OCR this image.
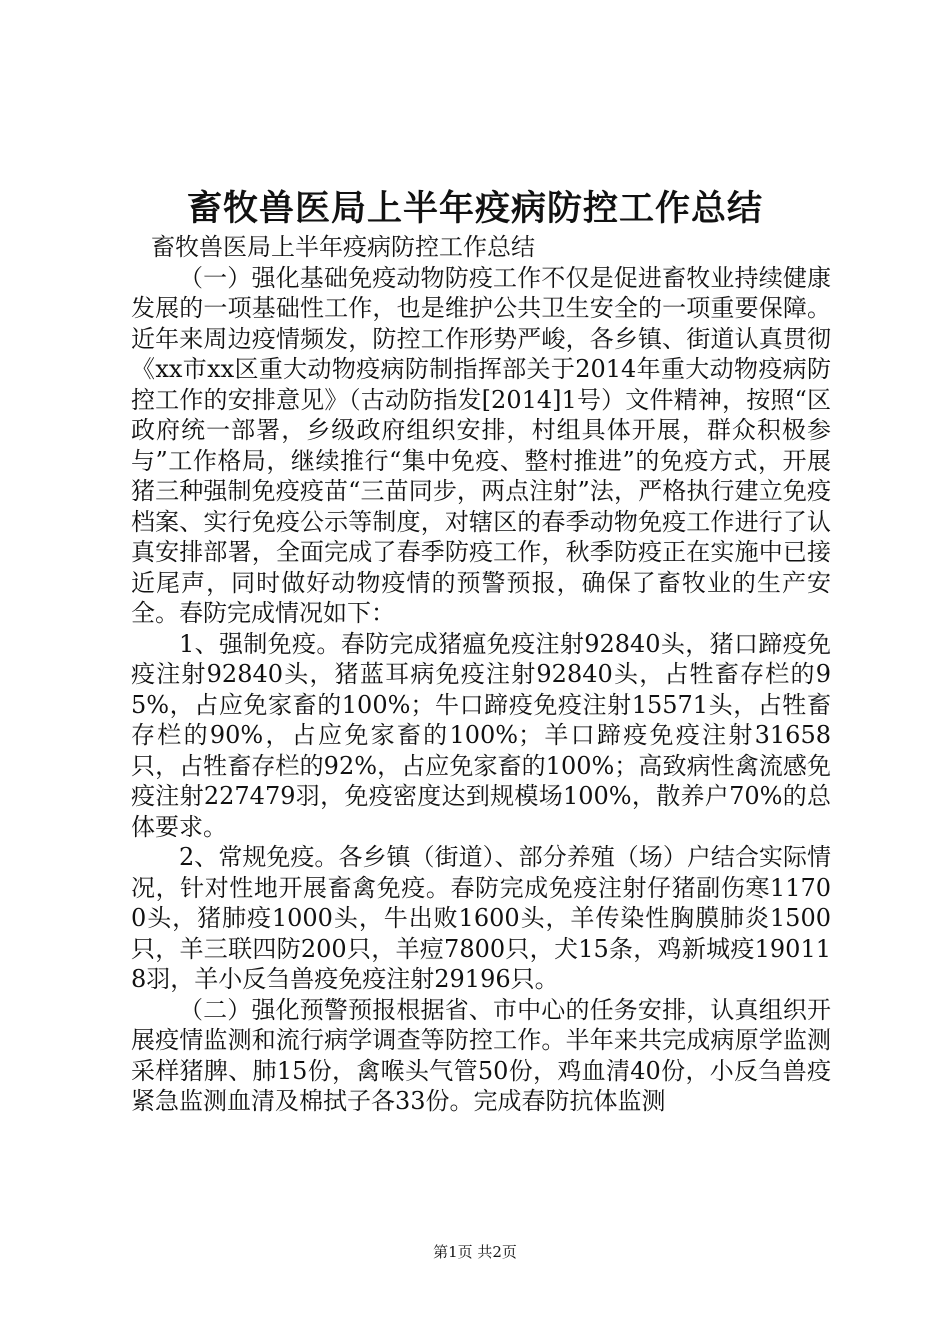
畜牧兽医局上半年疫病防控工作总结

畜牧兽医局上半年疫病防控工作总结

（一）强化基础免疫动物防疫工作不仅是促进畜牧业持续健康发展的一项基础性工作，也是维护公共卫生安全的一项重要保障。近年来周边疫情频发，防控工作形势严峻，各乡镇、街道认真贯彻《xx市xx区重大动物疫病防制指挥部关于2014年重大动物疫病防控工作的安排意见》（古动防指发[2014]1号）文件精神，按照“区政府统一部署，乡级政府组织安排，村组具体开展，群众积极参与”工作格局，继续推行“集中免疫、整村推进”的免疫方式，开展猪三种强制免疫疫苗“三苗同步，两点注射”法，严格执行建立免疫档案、实行免疫公示等制度，对辖区的春季动物免疫工作进行了认真安排部署，全面完成了春季防疫工作，秋季防疫正在实施中已接近尾声，同时做好动物疫情的预警预报，确保了畜牧业的生产安全。春防完成情况如下：

1、强制免疫。春防完成猪瘟免疫注射92840头，猪口蹄疫免疫注射92840头，猪蓝耳病免疫注射92840头，占牲畜存栏的95%，占应免家畜的100%；牛口蹄疫免疫注射15571头，占牲畜存栏的90%，占应免家畜的100%；羊口蹄疫免疫注射31658只，占牲畜存栏的92%，占应免家畜的100%；高致病性禽流感免疫注射227479羽，免疫密度达到规模场100%，散养户70%的总体要求。

2、常规免疫。各乡镇（街道）、部分养殖（场）户结合实际情况，针对性地开展畜禽免疫。春防完成免疫注射仔猪副伤寒11700头，猪肺疫1000头，牛出败1600头，羊传染性胸膜肺炎1500只，羊三联四防200只，羊痘7800只，犬15条，鸡新城疫190118羽，羊小反刍兽疫免疫注射29196只。

（二）强化预警预报根据省、市中心的任务安排，认真组织开展疫情监测和流行病学调查等防控工作。半年来共完成病原学监测采样猪脾、肺15份，禽喉头气管50份，鸡血清40份，小反刍兽疫紧急监测血清及棉拭子各33份。完成春防抗体监测

第1页 共2页
